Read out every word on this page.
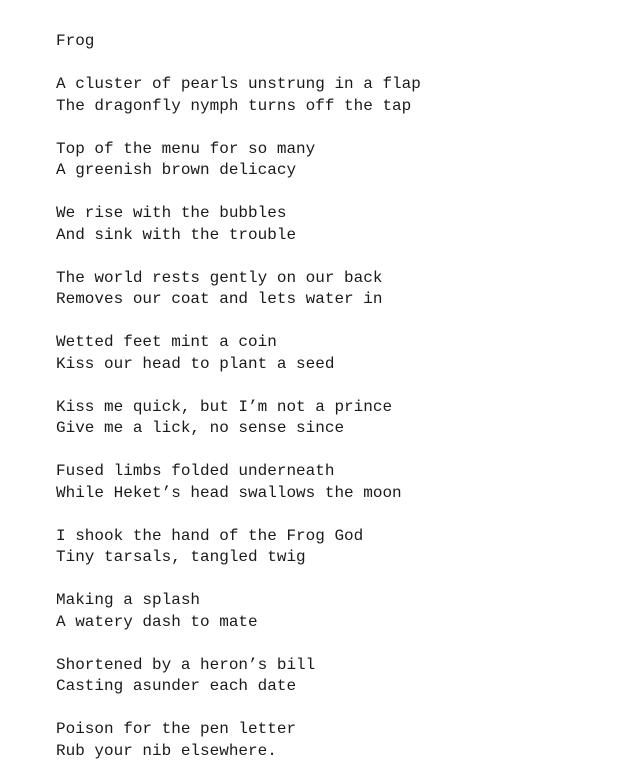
Frog
A cluster of pearls unstrung in a flap
The dragonfly nymph turns off the tap
Top of the menu for so many
A greenish brown delicacy
We rise with the bubbles
And sink with the trouble
The world rests gently on our back
Removes our coat and lets water in
Wetted feet mint a coin
Kiss our head to plant a seed
Kiss me quick, but I’m not a prince
Give me a lick, no sense since
Fused limbs folded underneath
While Heket’s head swallows the moon
I shook the hand of the Frog God
Tiny tarsals, tangled twig
Making a splash
A watery dash to mate
Shortened by a heron’s bill
Casting asunder each date
Poison for the pen letter
Rub your nib elsewhere.
